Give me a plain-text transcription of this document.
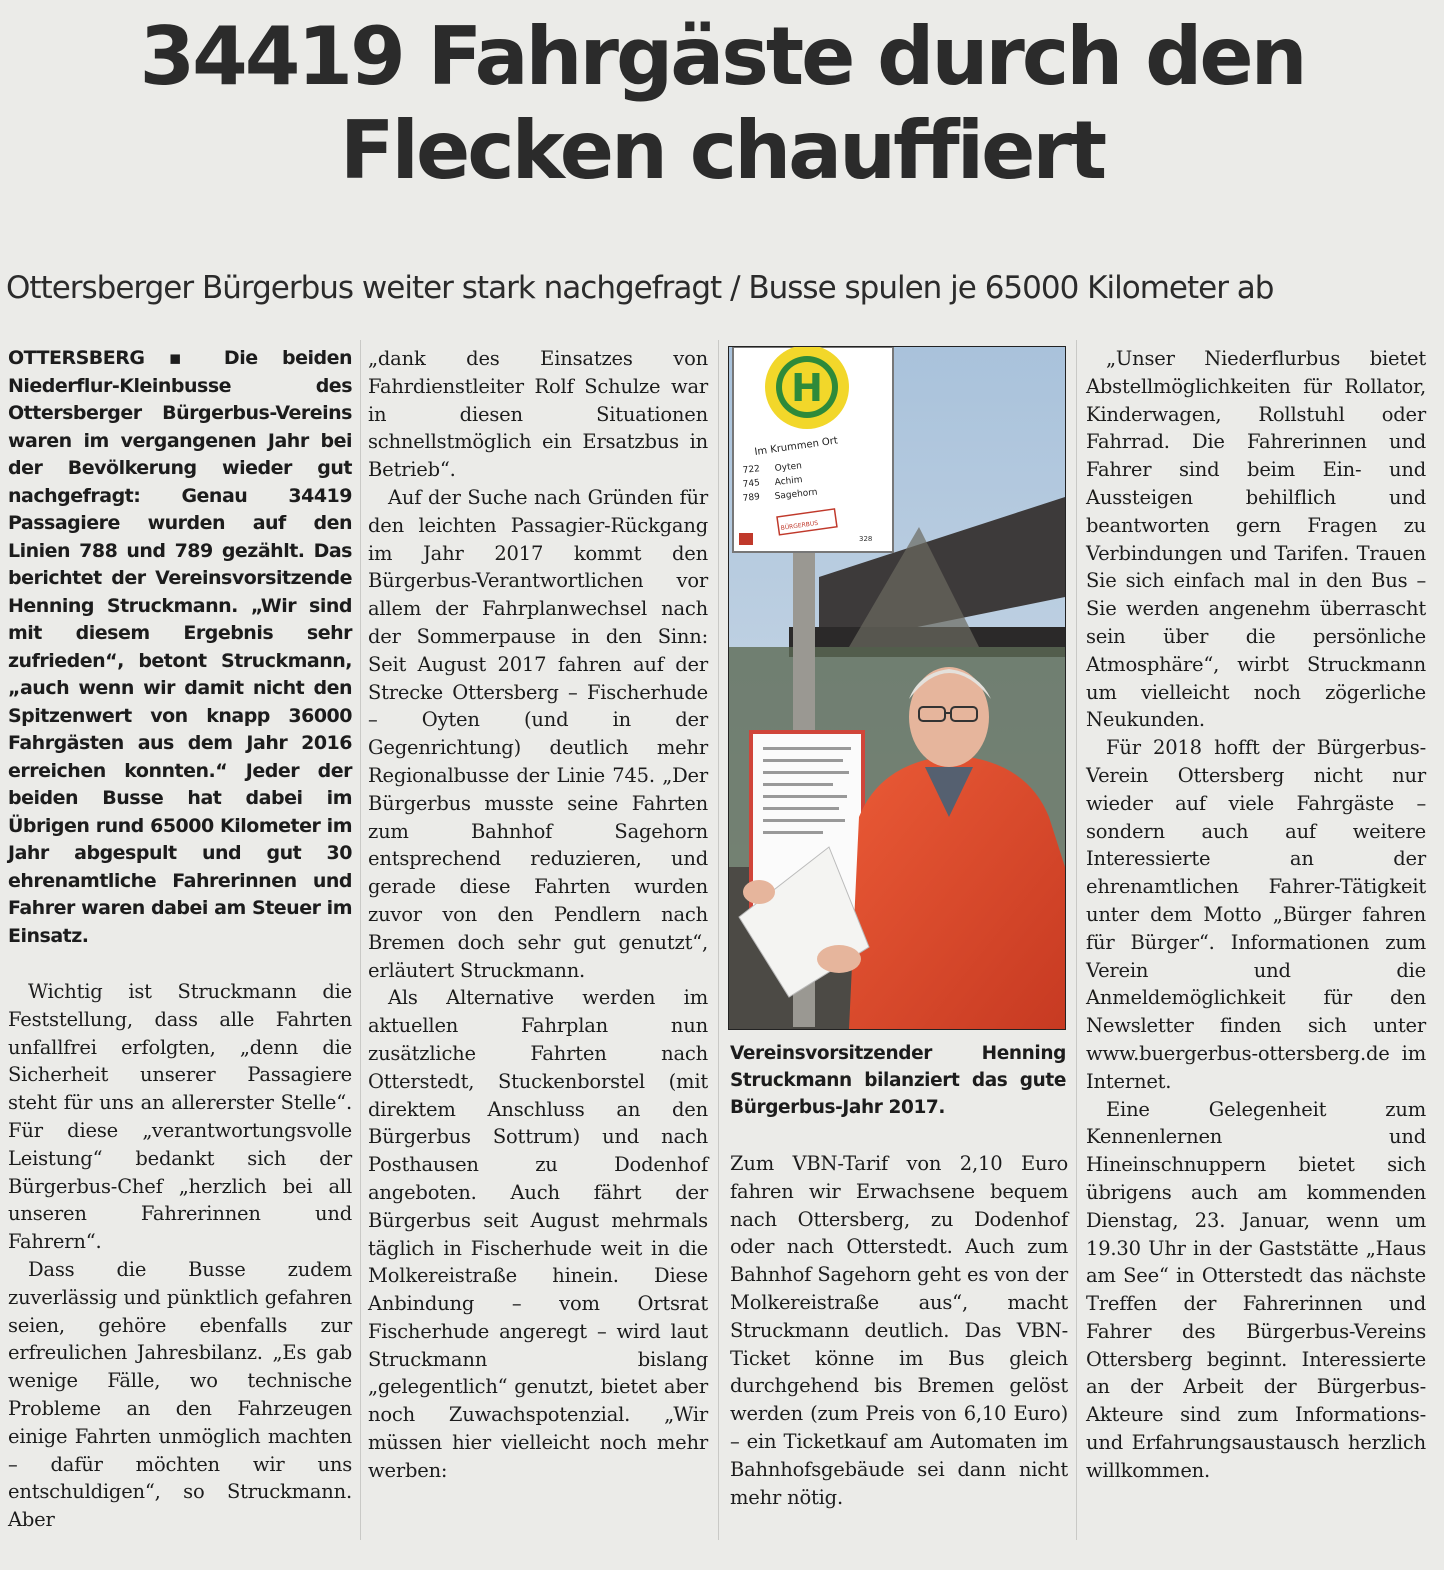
34419 Fahrgäste durch den
Flecken chauffiert
Ottersberger Bürgerbus weiter stark nachgefragt / Busse spulen je 65000 Kilometer ab

OTTERSBERG ▪ Die beiden Niederflur-Kleinbusse des Ottersberger Bürgerbus-Vereins waren im vergangenen Jahr bei der Bevölkerung wieder gut nachgefragt: Genau 34419 Passagiere wurden auf den Linien 788 und 789 gezählt. Das berichtet der Vereinsvorsitzende Henning Struckmann. „Wir sind mit diesem Ergebnis sehr zufrieden“, betont Struckmann, „auch wenn wir damit nicht den Spitzenwert von knapp 36000 Fahrgästen aus dem Jahr 2016 erreichen konnten.“ Jeder der beiden Busse hat dabei im Übrigen rund 65000 Kilometer im Jahr abgespult und gut 30 ehrenamtliche Fahrerinnen und Fahrer waren dabei am Steuer im Einsatz.

Wichtig ist Struckmann die Feststellung, dass alle Fahrten unfallfrei erfolgten, „denn die Sicherheit unserer Passagiere steht für uns an allererster Stelle“. Für diese „verantwortungsvolle Leistung“ bedankt sich der Bürgerbus-Chef „herzlich bei all unseren Fahrerinnen und Fahrern“.

Dass die Busse zudem zuverlässig und pünktlich gefahren seien, gehöre ebenfalls zur erfreulichen Jahresbilanz. „Es gab wenige Fälle, wo technische Probleme an den Fahrzeugen einige Fahrten unmöglich machten – dafür möchten wir uns entschuldigen“, so Struckmann. Aber

„dank des Einsatzes von Fahrdienstleiter Rolf Schulze war in diesen Situationen schnellstmöglich ein Ersatzbus in Betrieb“.

Auf der Suche nach Gründen für den leichten Passagier-Rückgang im Jahr 2017 kommt den Bürgerbus-Verantwortlichen vor allem der Fahrplanwechsel nach der Sommerpause in den Sinn: Seit August 2017 fahren auf der Strecke Ottersberg – Fischerhude – Oyten (und in der Gegenrichtung) deutlich mehr Regionalbusse der Linie 745. „Der Bürgerbus musste seine Fahrten zum Bahnhof Sagehorn entsprechend reduzieren, und gerade diese Fahrten wurden zuvor von den Pendlern nach Bremen doch sehr gut genutzt“, erläutert Struckmann.

Als Alternative werden im aktuellen Fahrplan nun zusätzliche Fahrten nach Otterstedt, Stuckenborstel (mit direktem Anschluss an den Bürgerbus Sottrum) und nach Posthausen zu Dodenhof angeboten. Auch fährt der Bürgerbus seit August mehrmals täglich in Fischerhude weit in die Molkereistraße hinein. Diese Anbindung – vom Ortsrat Fischerhude angeregt – wird laut Struckmann bislang „gelegentlich“ genutzt, bietet aber noch Zuwachspotenzial. „Wir müssen hier vielleicht noch mehr werben:

H
Im Krummen Ort
722 Oyten
745 Achim
789 Sagehorn
BÜRGERBUS
328
Vereinsvorsitzender Henning Struckmann bilanziert das gute Bürgerbus-Jahr 2017.

Zum VBN-Tarif von 2,10 Euro fahren wir Erwachsene bequem nach Ottersberg, zu Dodenhof oder nach Otterstedt. Auch zum Bahnhof Sagehorn geht es von der Molkereistraße aus“, macht Struckmann deutlich. Das VBN-Ticket könne im Bus gleich durchgehend bis Bremen gelöst werden (zum Preis von 6,10 Euro) – ein Ticketkauf am Automaten im Bahnhofsgebäude sei dann nicht mehr nötig.

„Unser Niederflurbus bietet Abstellmöglichkeiten für Rollator, Kinderwagen, Rollstuhl oder Fahrrad. Die Fahrerinnen und Fahrer sind beim Ein- und Aussteigen behilflich und beantworten gern Fragen zu Verbindungen und Tarifen. Trauen Sie sich einfach mal in den Bus – Sie werden angenehm überrascht sein über die persönliche Atmosphäre“, wirbt Struckmann um vielleicht noch zögerliche Neukunden.

Für 2018 hofft der Bürgerbus-Verein Ottersberg nicht nur wieder auf viele Fahrgäste – sondern auch auf weitere Interessierte an der ehrenamtlichen Fahrer-Tätigkeit unter dem Motto „Bürger fahren für Bürger“. Informationen zum Verein und die Anmeldemöglichkeit für den Newsletter finden sich unter www.buergerbus-ottersberg.de im Internet.

Eine Gelegenheit zum Kennenlernen und Hineinschnuppern bietet sich übrigens auch am kommenden Dienstag, 23. Januar, wenn um 19.30 Uhr in der Gaststätte „Haus am See“ in Otterstedt das nächste Treffen der Fahrerinnen und Fahrer des Bürgerbus-Vereins Ottersberg beginnt. Interessierte an der Arbeit der Bürgerbus-Akteure sind zum Informations- und Erfahrungsaustausch herzlich willkommen.
